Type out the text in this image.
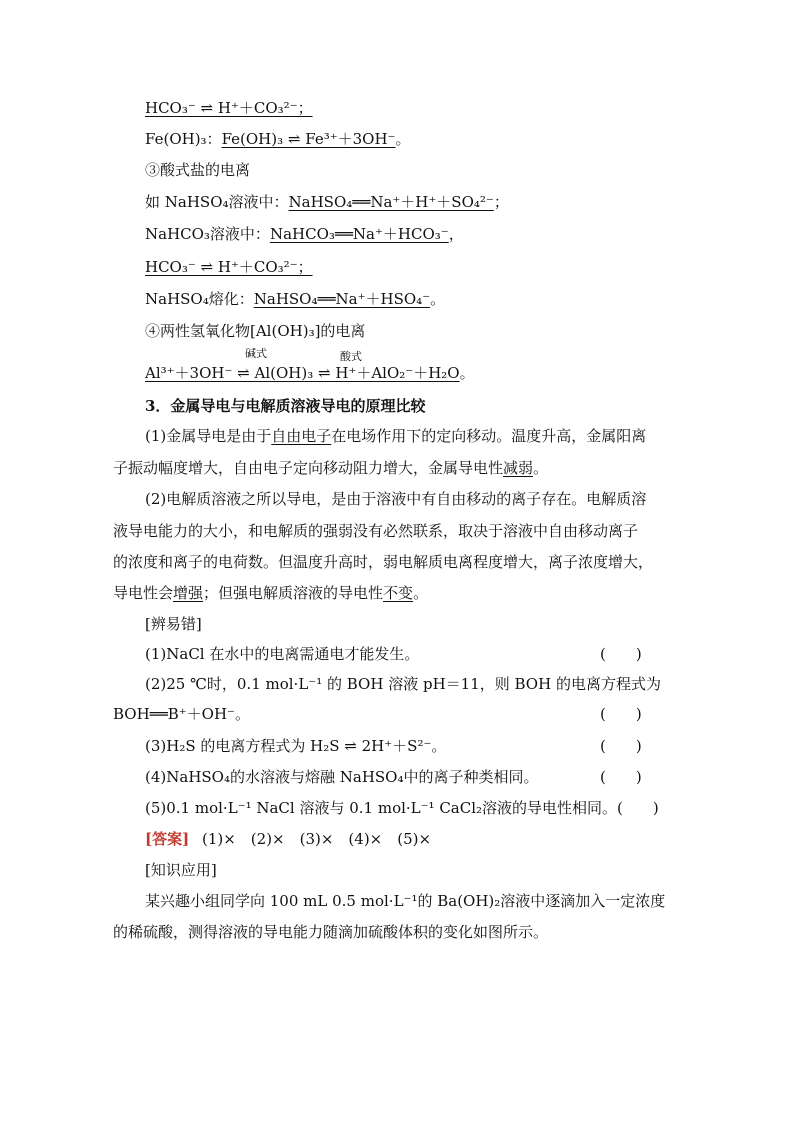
HCO₃⁻ ⇌ H⁺＋CO₃²⁻；
Fe(OH)₃：Fe(OH)₃ ⇌ Fe³⁺＋3OH⁻。
③酸式盐的电离
如 NaHSO₄溶液中：NaHSO₄══Na⁺＋H⁺＋SO₄²⁻；
NaHCO₃溶液中：NaHCO₃══Na⁺＋HCO₃⁻，
HCO₃⁻ ⇌ H⁺＋CO₃²⁻；
NaHSO₄熔化：NaHSO₄══Na⁺＋HSO₄⁻。
④两性氢氧化物[Al(OH)₃]的电离
Al³⁺＋3OH⁻ ⇌ Al(OH)₃ ⇌ H⁺＋AlO₂⁻＋H₂O。
碱式	酸式
3．金属导电与电解质溶液导电的原理比较
(1)金属导电是由于自由电子在电场作用下的定向移动。温度升高，金属阳离
子振动幅度增大，自由电子定向移动阻力增大，金属导电性减弱。
(2)电解质溶液之所以导电，是由于溶液中有自由移动的离子存在。电解质溶
液导电能力的大小，和电解质的强弱没有必然联系，取决于溶液中自由移动离子
的浓度和离子的电荷数。但温度升高时，弱电解质电离程度增大，离子浓度增大，
导电性会增强；但强电解质溶液的导电性不变。
[辨易错]
(1)NaCl 在水中的电离需通电才能发生。	(　　)
(2)25 ℃时，0.1 mol·L⁻¹ 的 BOH 溶液 pH＝11，则 BOH 的电离方程式为
BOH══B⁺＋OH⁻。	(　　)
(3)H₂S 的电离方程式为 H₂S ⇌ 2H⁺＋S²⁻。	(　　)
(4)NaHSO₄的水溶液与熔融 NaHSO₄中的离子种类相同。	(　　)
(5)0.1 mol·L⁻¹ NaCl 溶液与 0.1 mol·L⁻¹ CaCl₂溶液的导电性相同。(　　)
[答案] (1)×　(2)×　(3)×　(4)×　(5)×
[知识应用]
某兴趣小组同学向 100 mL 0.5 mol·L⁻¹的 Ba(OH)₂溶液中逐滴加入一定浓度
的稀硫酸，测得溶液的导电能力随滴加硫酸体积的变化如图所示。
